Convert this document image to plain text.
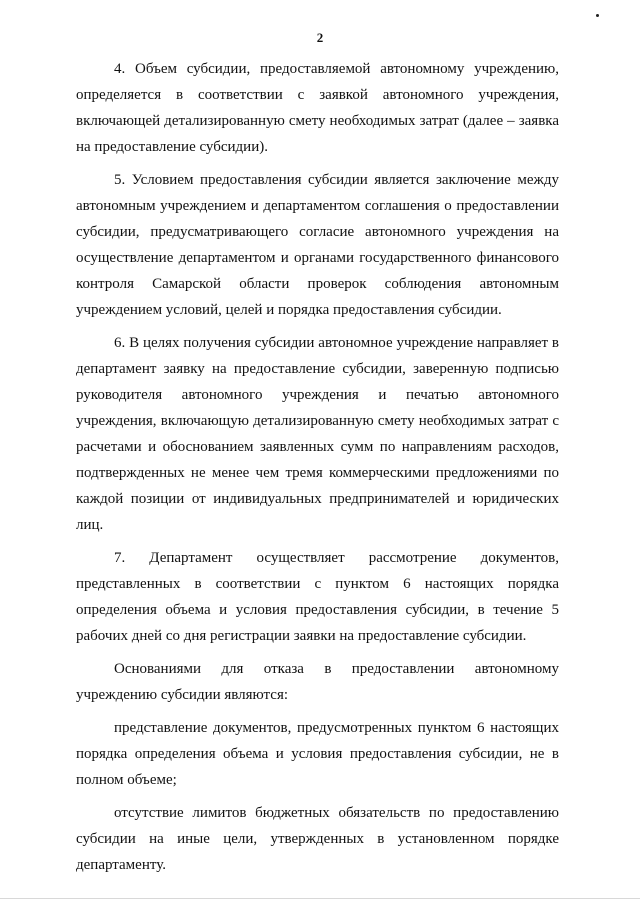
2

4. Объем субсидии, предоставляемой автономному учреждению, определяется в соответствии с заявкой автономного учреждения, включающей детализированную смету необходимых затрат (далее – заявка на предоставление субсидии).

5. Условием предоставления субсидии является заключение между автономным учреждением и департаментом соглашения о предоставлении субсидии, предусматривающего согласие автономного учреждения на осуществление департаментом и органами государственного финансового контроля Самарской области проверок соблюдения автономным учреждением условий, целей и порядка предоставления субсидии.

6. В целях получения субсидии автономное учреждение направляет в департамент заявку на предоставление субсидии, заверенную подписью руководителя автономного учреждения и печатью автономного учреждения, включающую детализированную смету необходимых затрат с расчетами и обоснованием заявленных сумм по направлениям расходов, подтвержденных не менее чем тремя коммерческими предложениями по каждой позиции от индивидуальных предпринимателей и юридических лиц.

7. Департамент осуществляет рассмотрение документов, представленных в соответствии с пунктом 6 настоящих порядка определения объема и условия предоставления субсидии, в течение 5 рабочих дней со дня регистрации заявки на предоставление субсидии.

Основаниями для отказа в предоставлении автономному учреждению субсидии являются:

представление документов, предусмотренных пунктом 6 настоящих порядка определения объема и условия предоставления субсидии, не в полном объеме;

отсутствие лимитов бюджетных обязательств по предоставлению субсидии на иные цели, утвержденных в установленном порядке департаменту.
